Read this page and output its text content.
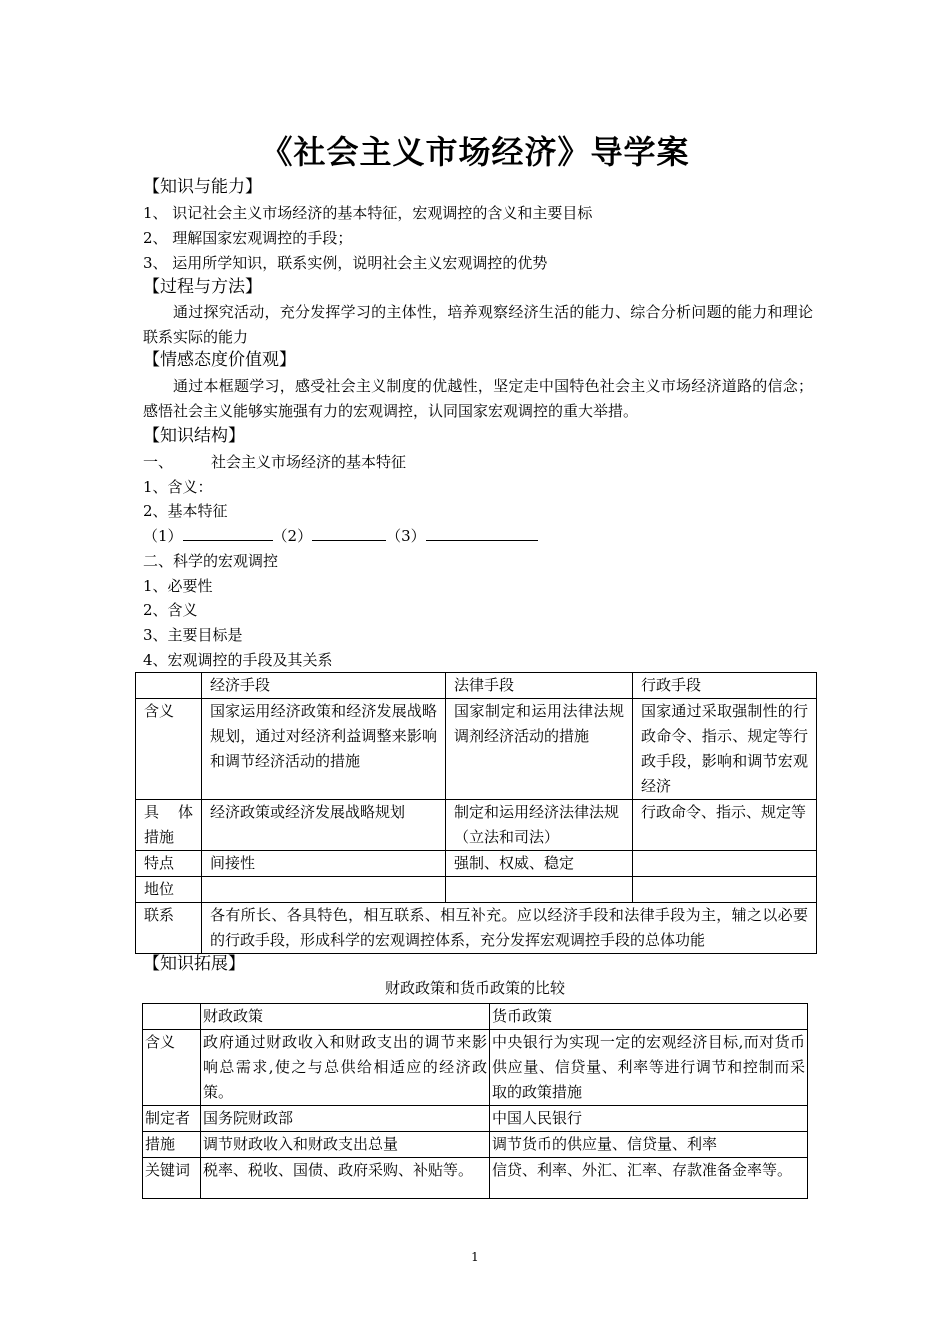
《社会主义市场经济》导学案
【知识与能力】
1、 识记社会主义市场经济的基本特征，宏观调控的含义和主要目标
2、 理解国家宏观调控的手段；
3、 运用所学知识，联系实例，说明社会主义宏观调控的优势
【过程与方法】
通过探究活动，充分发挥学习的主体性，培养观察经济生活的能力、综合分析问题的能力和理论联系实际的能力
【情感态度价值观】
通过本框题学习，感受社会主义制度的优越性，坚定走中国特色社会主义市场经济道路的信念；感悟社会主义能够实施强有力的宏观调控，认同国家宏观调控的重大举措。
【知识结构】
一、	社会主义市场经济的基本特征
1、含义：
2、基本特征
（1）	（2）	（3）
二、科学的宏观调控
1、必要性
2、含义
3、主要目标是
4、宏观调控的手段及其关系
	经济手段	法律手段	行政手段
含义	国家运用经济政策和经济发展战略规划，通过对经济利益调整来影响和调节经济活动的措施	国家制定和运用法律法规调剂经济活动的措施	国家通过采取强制性的行政命令、指示、规定等行政手段，影响和调节宏观经济
具 体措施	经济政策或经济发展战略规划	制定和运用经济法律法规（立法和司法）	行政命令、指示、规定等
特点	间接性	强制、权威、稳定	
地位			
联系	各有所长、各具特色，相互联系、相互补充。应以经济手段和法律手段为主，辅之以必要的行政手段，形成科学的宏观调控体系，充分发挥宏观调控手段的总体功能		
【知识拓展】
财政政策和货币政策的比较
	财政政策	货币政策
含义	政府通过财政收入和财政支出的调节来影响总需求,使之与总供给相适应的经济政策。	中央银行为实现一定的宏观经济目标,而对货币供应量、信贷量、利率等进行调节和控制而采取的政策措施
制定者	国务院财政部	中国人民银行
措施	调节财政收入和财政支出总量	调节货币的供应量、信贷量、利率
关键词	税率、税收、国债、政府采购、补贴等。	信贷、利率、外汇、汇率、存款准备金率等。
1
